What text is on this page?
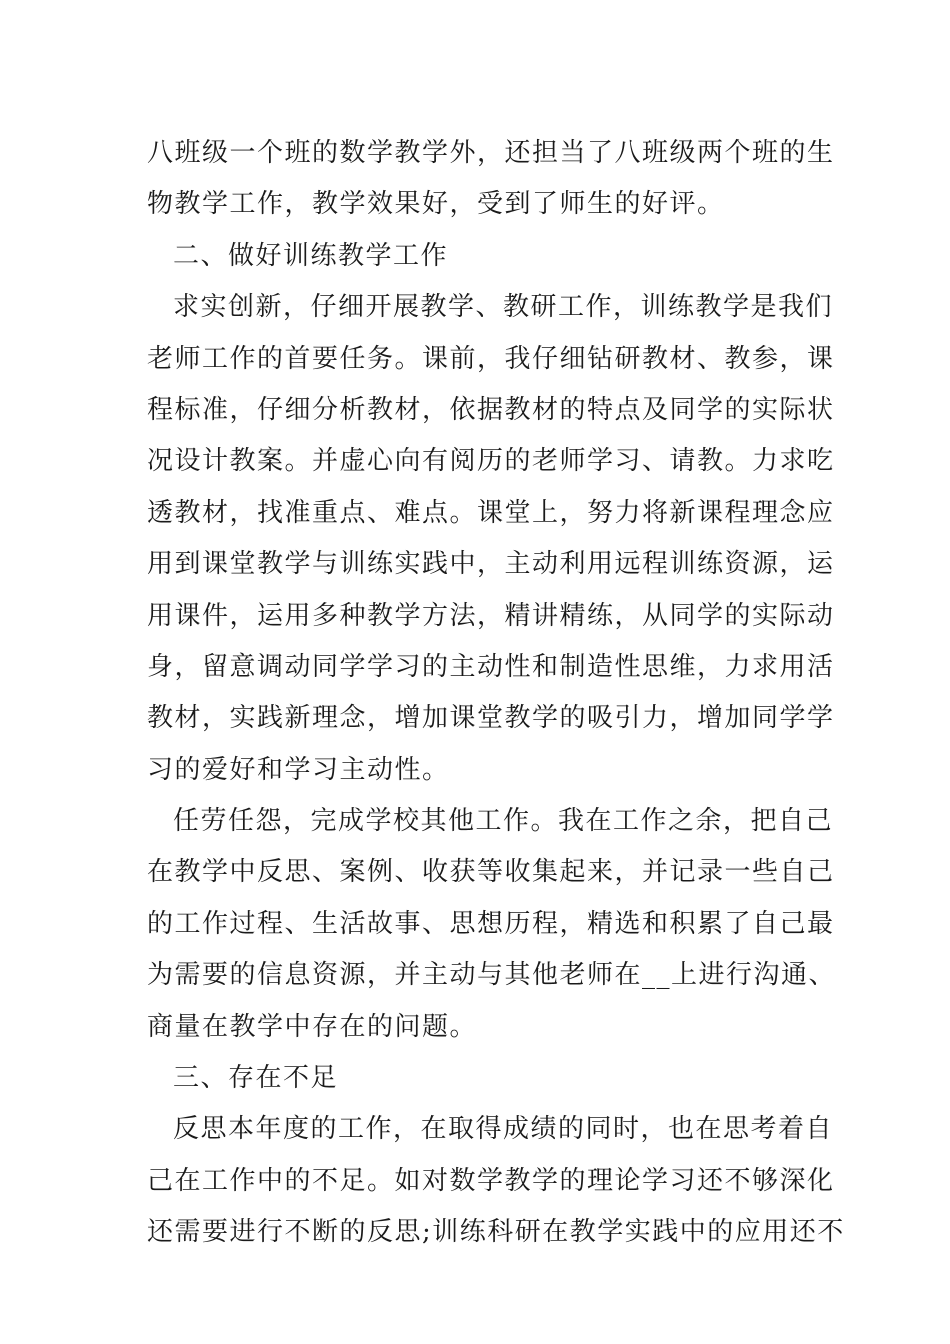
八班级一个班的数学教学外，还担当了八班级两个班的生
物教学工作，教学效果好，受到了师生的好评。
二、做好训练教学工作
求实创新，仔细开展教学、教研工作，训练教学是我们
老师工作的首要任务。课前，我仔细钻研教材、教参，课
程标准，仔细分析教材，依据教材的特点及同学的实际状
况设计教案。并虚心向有阅历的老师学习、请教。力求吃
透教材，找准重点、难点。课堂上，努力将新课程理念应
用到课堂教学与训练实践中，主动利用远程训练资源，运
用课件，运用多种教学方法，精讲精练，从同学的实际动
身，留意调动同学学习的主动性和制造性思维，力求用活
教材，实践新理念，增加课堂教学的吸引力，增加同学学
习的爱好和学习主动性。
任劳任怨，完成学校其他工作。我在工作之余，把自己
在教学中反思、案例、收获等收集起来，并记录一些自己
的工作过程、生活故事、思想历程，精选和积累了自己最
为需要的信息资源，并主动与其他老师在__上进行沟通、
商量在教学中存在的问题。
三、存在不足
反思本年度的工作，在取得成绩的同时，也在思考着自
己在工作中的不足。如对数学教学的理论学习还不够深化
还需要进行不断的反思;训练科研在教学实践中的应用还不
